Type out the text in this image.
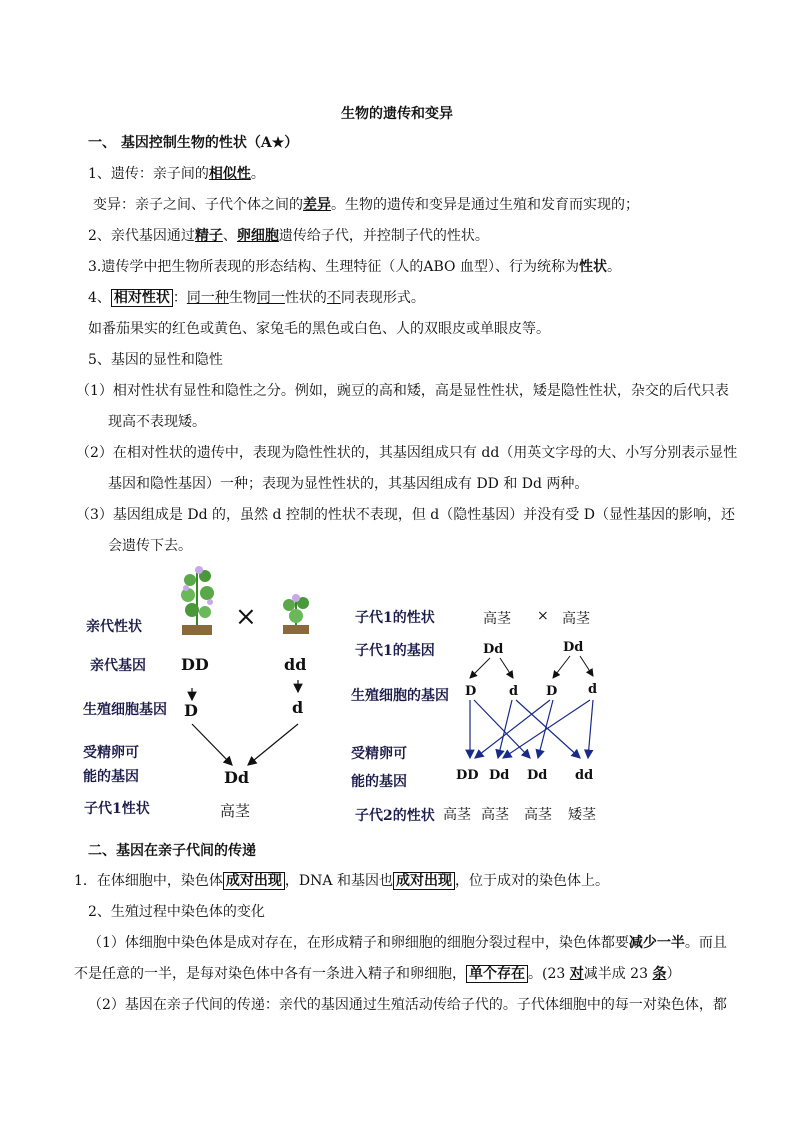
生物的遗传和变异
一、 基因控制生物的性状（A★）
1、遗传：亲子间的相似性。
变异：亲子之间、子代个体之间的差异。生物的遗传和变异是通过生殖和发育而实现的；
2、亲代基因通过精子、卵细胞遗传给子代，并控制子代的性状。
3.遗传学中把生物所表现的形态结构、生理特征（人的ABO 血型）、行为统称为性状。
4、 相对性状 ：同一种生物同一性状的不同表现形式。
如番茄果实的红色或黄色、家兔毛的黑色或白色、人的双眼皮或单眼皮等。
5、基因的显性和隐性
（1）相对性状有显性和隐性之分。例如，豌豆的高和矮，高是显性性状，矮是隐性性状，杂交的后代只表
现高不表现矮。
（2）在相对性状的遗传中，表现为隐性性状的，其基因组成只有 dd（用英文字母的大、小写分别表示显性
基因和隐性基因）一种；表现为显性性状的，其基因组成有 DD 和 Dd 两种。
（3）基因组成是 Dd 的，虽然 d 控制的性状不表现，但 d（隐性基因）并没有受 D（显性基因的影响，还
会遗传下去。
亲代性状
亲代基因
生殖细胞基因
受精卵可
能的基因
子代1性状
×
DD	dd
D	d
Dd
高茎
子代1的性状
子代1的基因
生殖细胞的基因
受精卵可
能的基因
子代2的性状
高茎 × 高茎
Dd	Dd
D	d D d
DD Dd Dd dd
高茎 高茎 高茎 矮茎
二、基因在亲子代间的传递
1．在体细胞中，染色体 成对出现 ，DNA 和基因也 成对出现 ，位于成对的染色体上。
2、生殖过程中染色体的变化
（1）体细胞中染色体是成对存在，在形成精子和卵细胞的细胞分裂过程中，染色体都要减少一半。而且
不是任意的一半，是每对染色体中各有一条进入精子和卵细胞， 单个存在 。(23 对减半成 23 条）
（2）基因在亲子代间的传递：亲代的基因通过生殖活动传给子代的。子代体细胞中的每一对染色体，都
